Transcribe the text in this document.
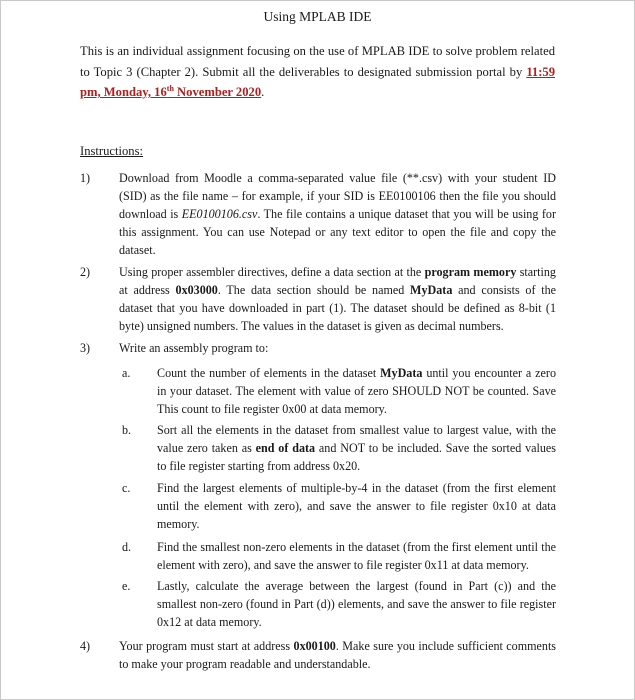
Using MPLAB IDE
This is an individual assignment focusing on the use of MPLAB IDE to solve problem related to Topic 3 (Chapter 2). Submit all the deliverables to designated submission portal by 11:59 pm, Monday, 16th November 2020.
Instructions:
1) Download from Moodle a comma-separated value file (**.csv) with your student ID (SID) as the file name – for example, if your SID is EE0100106 then the file you should download is EE0100106.csv. The file contains a unique dataset that you will be using for this assignment. You can use Notepad or any text editor to open the file and copy the dataset.
2) Using proper assembler directives, define a data section at the program memory starting at address 0x03000. The data section should be named MyData and consists of the dataset that you have downloaded in part (1). The dataset should be defined as 8-bit (1 byte) unsigned numbers. The values in the dataset is given as decimal numbers.
3) Write an assembly program to:
a. Count the number of elements in the dataset MyData until you encounter a zero in your dataset. The element with value of zero SHOULD NOT be counted. Save This count to file register 0x00 at data memory.
b. Sort all the elements in the dataset from smallest value to largest value, with the value zero taken as end of data and NOT to be included. Save the sorted values to file register starting from address 0x20.
c. Find the largest elements of multiple-by-4 in the dataset (from the first element until the element with zero), and save the answer to file register 0x10 at data memory.
d. Find the smallest non-zero elements in the dataset (from the first element until the element with zero), and save the answer to file register 0x11 at data memory.
e. Lastly, calculate the average between the largest (found in Part (c)) and the smallest non-zero (found in Part (d)) elements, and save the answer to file register 0x12 at data memory.
4) Your program must start at address 0x00100. Make sure you include sufficient comments to make your program readable and understandable.
